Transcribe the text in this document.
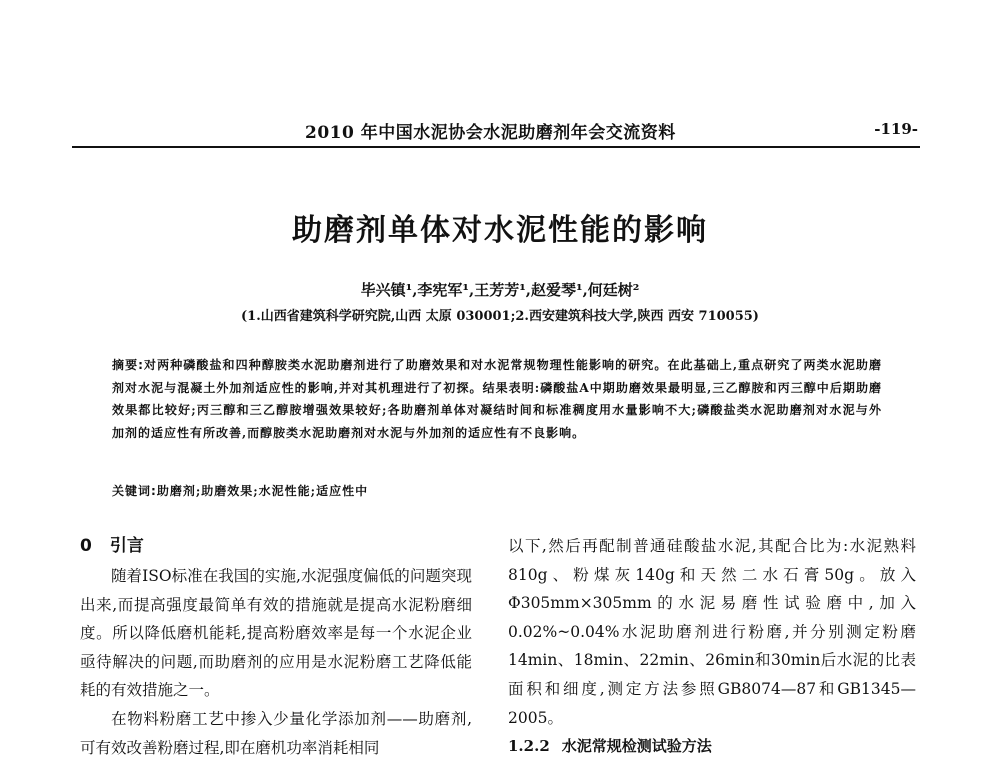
2010 年中国水泥协会水泥助磨剂年会交流资料	-119-
助磨剂单体对水泥性能的影响
毕兴镇¹,李宪军¹,王芳芳¹,赵爱琴¹,何廷树²
(1.山西省建筑科学研究院,山西 太原 030001;2.西安建筑科技大学,陕西 西安 710055)
摘要:对两种磷酸盐和四种醇胺类水泥助磨剂进行了助磨效果和对水泥常规物理性能影响的研究。在此基础上,重点研究了两类水泥助磨剂对水泥与混凝土外加剂适应性的影响,并对其机理进行了初探。结果表明:磷酸盐A中期助磨效果最明显,三乙醇胺和丙三醇中后期助磨效果都比较好;丙三醇和三乙醇胺增强效果较好;各助磨剂单体对凝结时间和标准稠度用水量影响不大;磷酸盐类水泥助磨剂对水泥与外加剂的适应性有所改善,而醇胺类水泥助磨剂对水泥与外加剂的适应性有不良影响。
关键词:助磨剂;助磨效果;水泥性能;适应性中
0 引言

随着ISO标准在我国的实施,水泥强度偏低的问题突现出来,而提高强度最简单有效的措施就是提高水泥粉磨细度。所以降低磨机能耗,提高粉磨效率是每一个水泥企业亟待解决的问题,而助磨剂的应用是水泥粉磨工艺降低能耗的有效措施之一。

在物料粉磨工艺中掺入少量化学添加剂——助磨剂,可有效改善粉磨过程,即在磨机功率消耗相同

以下,然后再配制普通硅酸盐水泥,其配合比为:水泥熟料810g、粉煤灰140g和天然二水石膏50g。放入Φ305mm×305mm的水泥易磨性试验磨中,加入0.02%~0.04%水泥助磨剂进行粉磨,并分别测定粉磨14min、18min、22min、26min和30min后水泥的比表面积和细度,测定方法参照GB8074—87和GB1345—2005。

1.2.2 水泥常规检测试验方法
